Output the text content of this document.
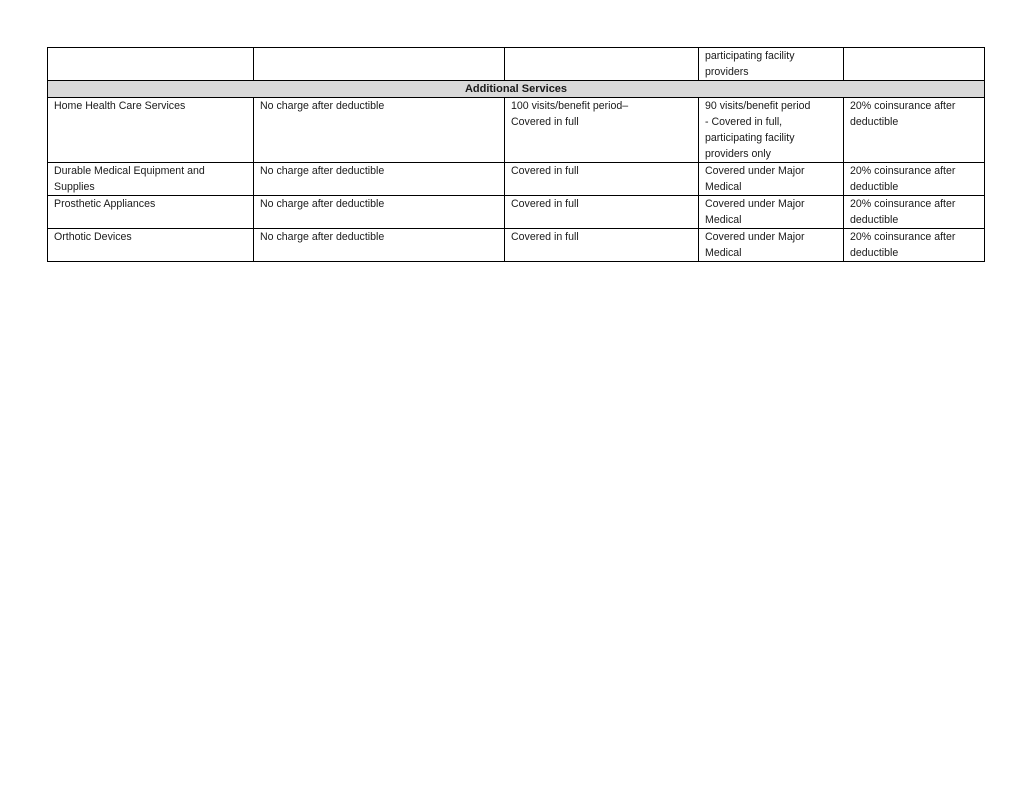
			participating facility
providers	

Additional Services				

Home Health Care Services	No charge after deductible	100 visits/benefit period–
Covered in full	90 visits/benefit period
- Covered in full,
participating facility
providers only	20% coinsurance after
deductible

Durable Medical Equipment and
Supplies	No charge after deductible	Covered in full	Covered under Major
Medical	20% coinsurance after
deductible

Prosthetic Appliances	No charge after deductible	Covered in full	Covered under Major
Medical	20% coinsurance after
deductible

Orthotic Devices	No charge after deductible	Covered in full	Covered under Major
Medical	20% coinsurance after
deductible
